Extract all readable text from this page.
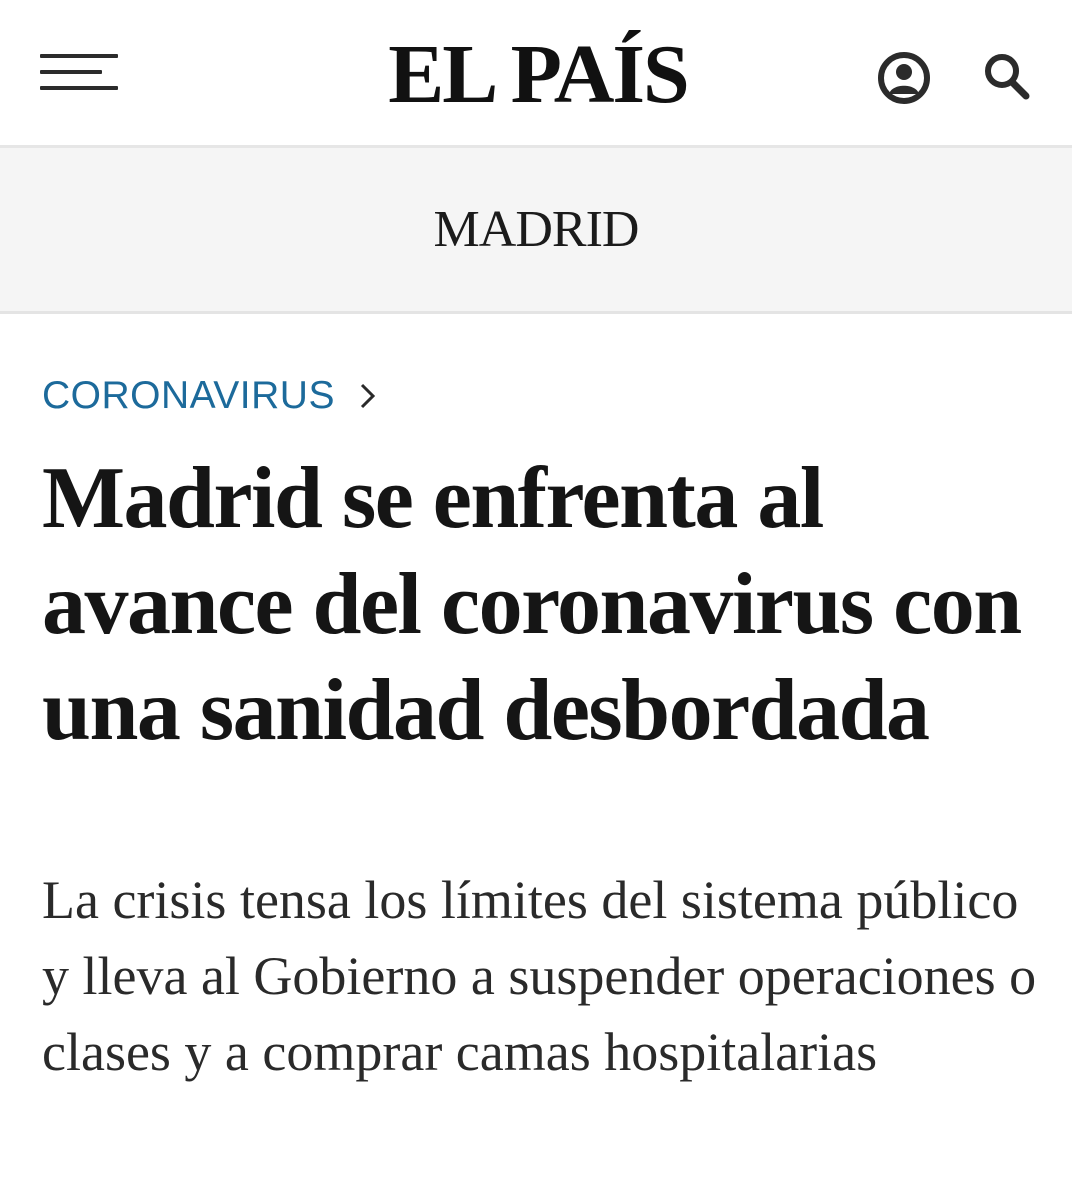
EL PAÍS
MADRID
CORONAVIRUS
Madrid se enfrenta al avance del coronavirus con una sanidad desbordada
La crisis tensa los límites del sistema público y lleva al Gobierno a suspender operaciones o clases y a comprar camas hospitalarias
